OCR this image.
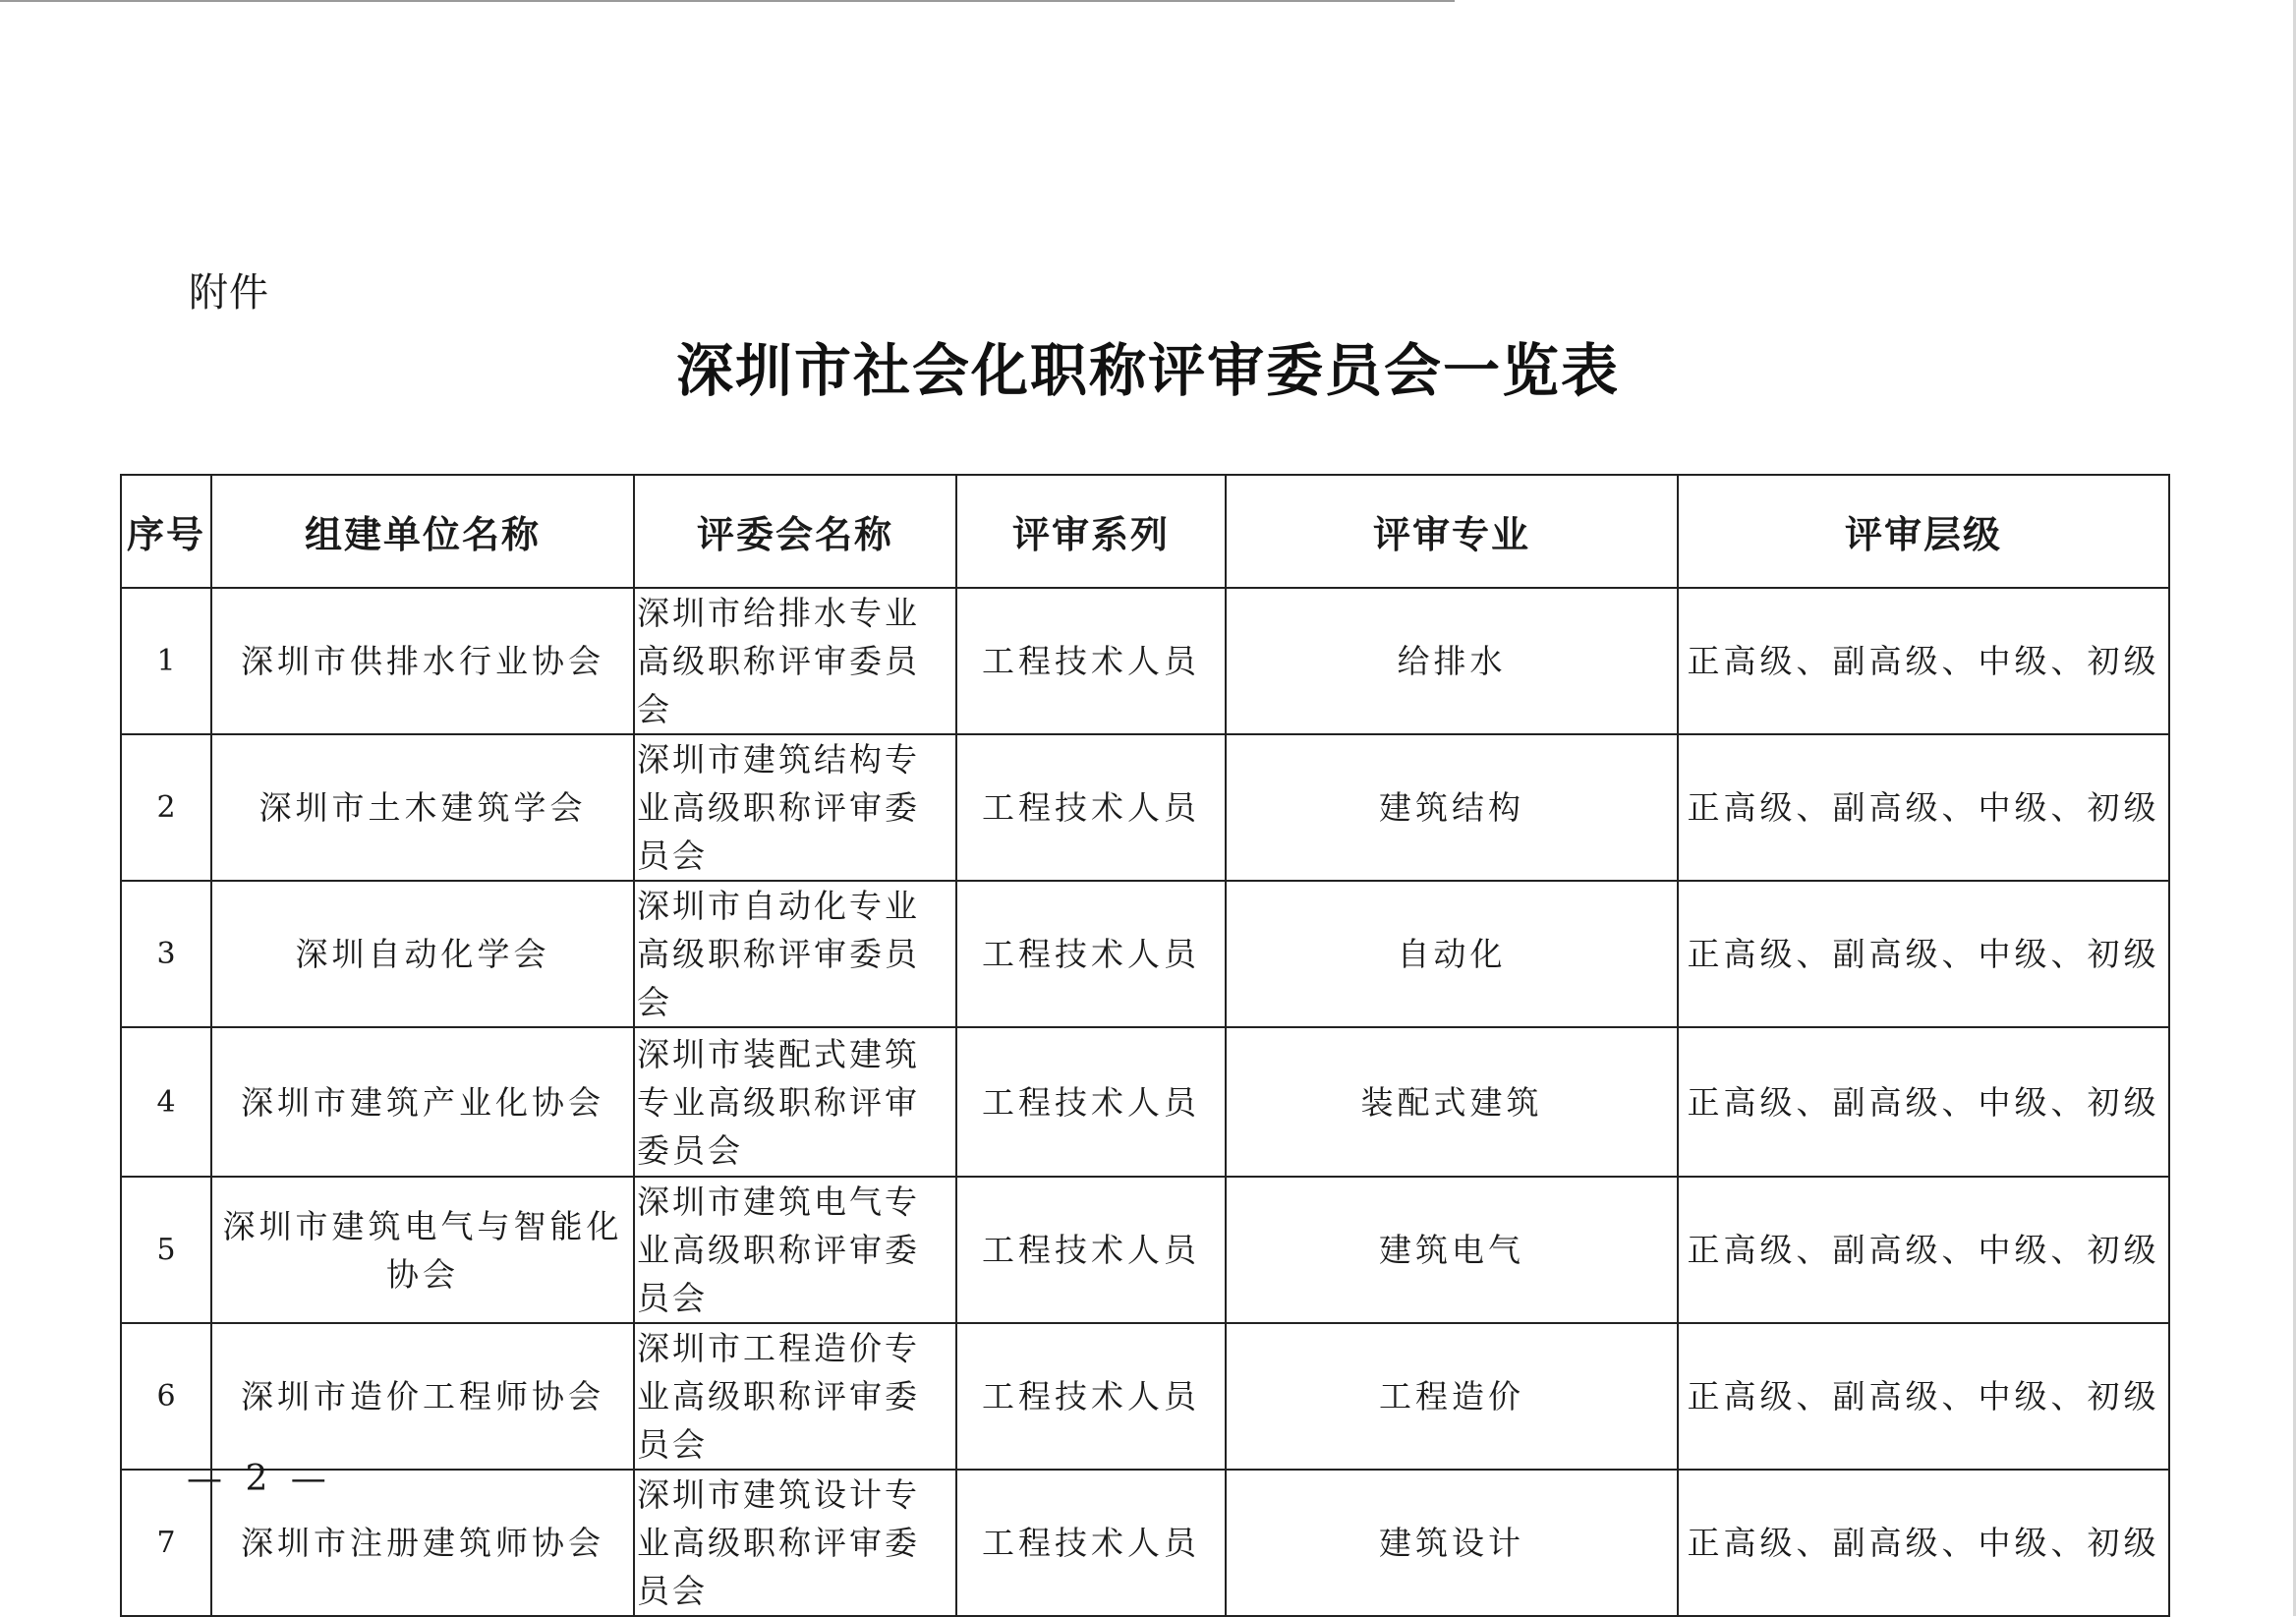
附件
深圳市社会化职称评审委员会一览表
序号	组建单位名称	评委会名称	评审系列	评审专业	评审层级
1	深圳市供排水行业协会	深圳市给排水专业高级职称评审委员会	工程技术人员	给排水	正高级、副高级、中级、初级
2	深圳市土木建筑学会	深圳市建筑结构专业高级职称评审委员会	工程技术人员	建筑结构	正高级、副高级、中级、初级
3	深圳自动化学会	深圳市自动化专业高级职称评审委员会	工程技术人员	自动化	正高级、副高级、中级、初级
4	深圳市建筑产业化协会	深圳市装配式建筑专业高级职称评审委员会	工程技术人员	装配式建筑	正高级、副高级、中级、初级
5	深圳市建筑电气与智能化协会	深圳市建筑电气专业高级职称评审委员会	工程技术人员	建筑电气	正高级、副高级、中级、初级
6	深圳市造价工程师协会	深圳市工程造价专业高级职称评审委员会	工程技术人员	工程造价	正高级、副高级、中级、初级
7	深圳市注册建筑师协会	深圳市建筑设计专业高级职称评审委员会	工程技术人员	建筑设计	正高级、副高级、中级、初级
— 2 —
